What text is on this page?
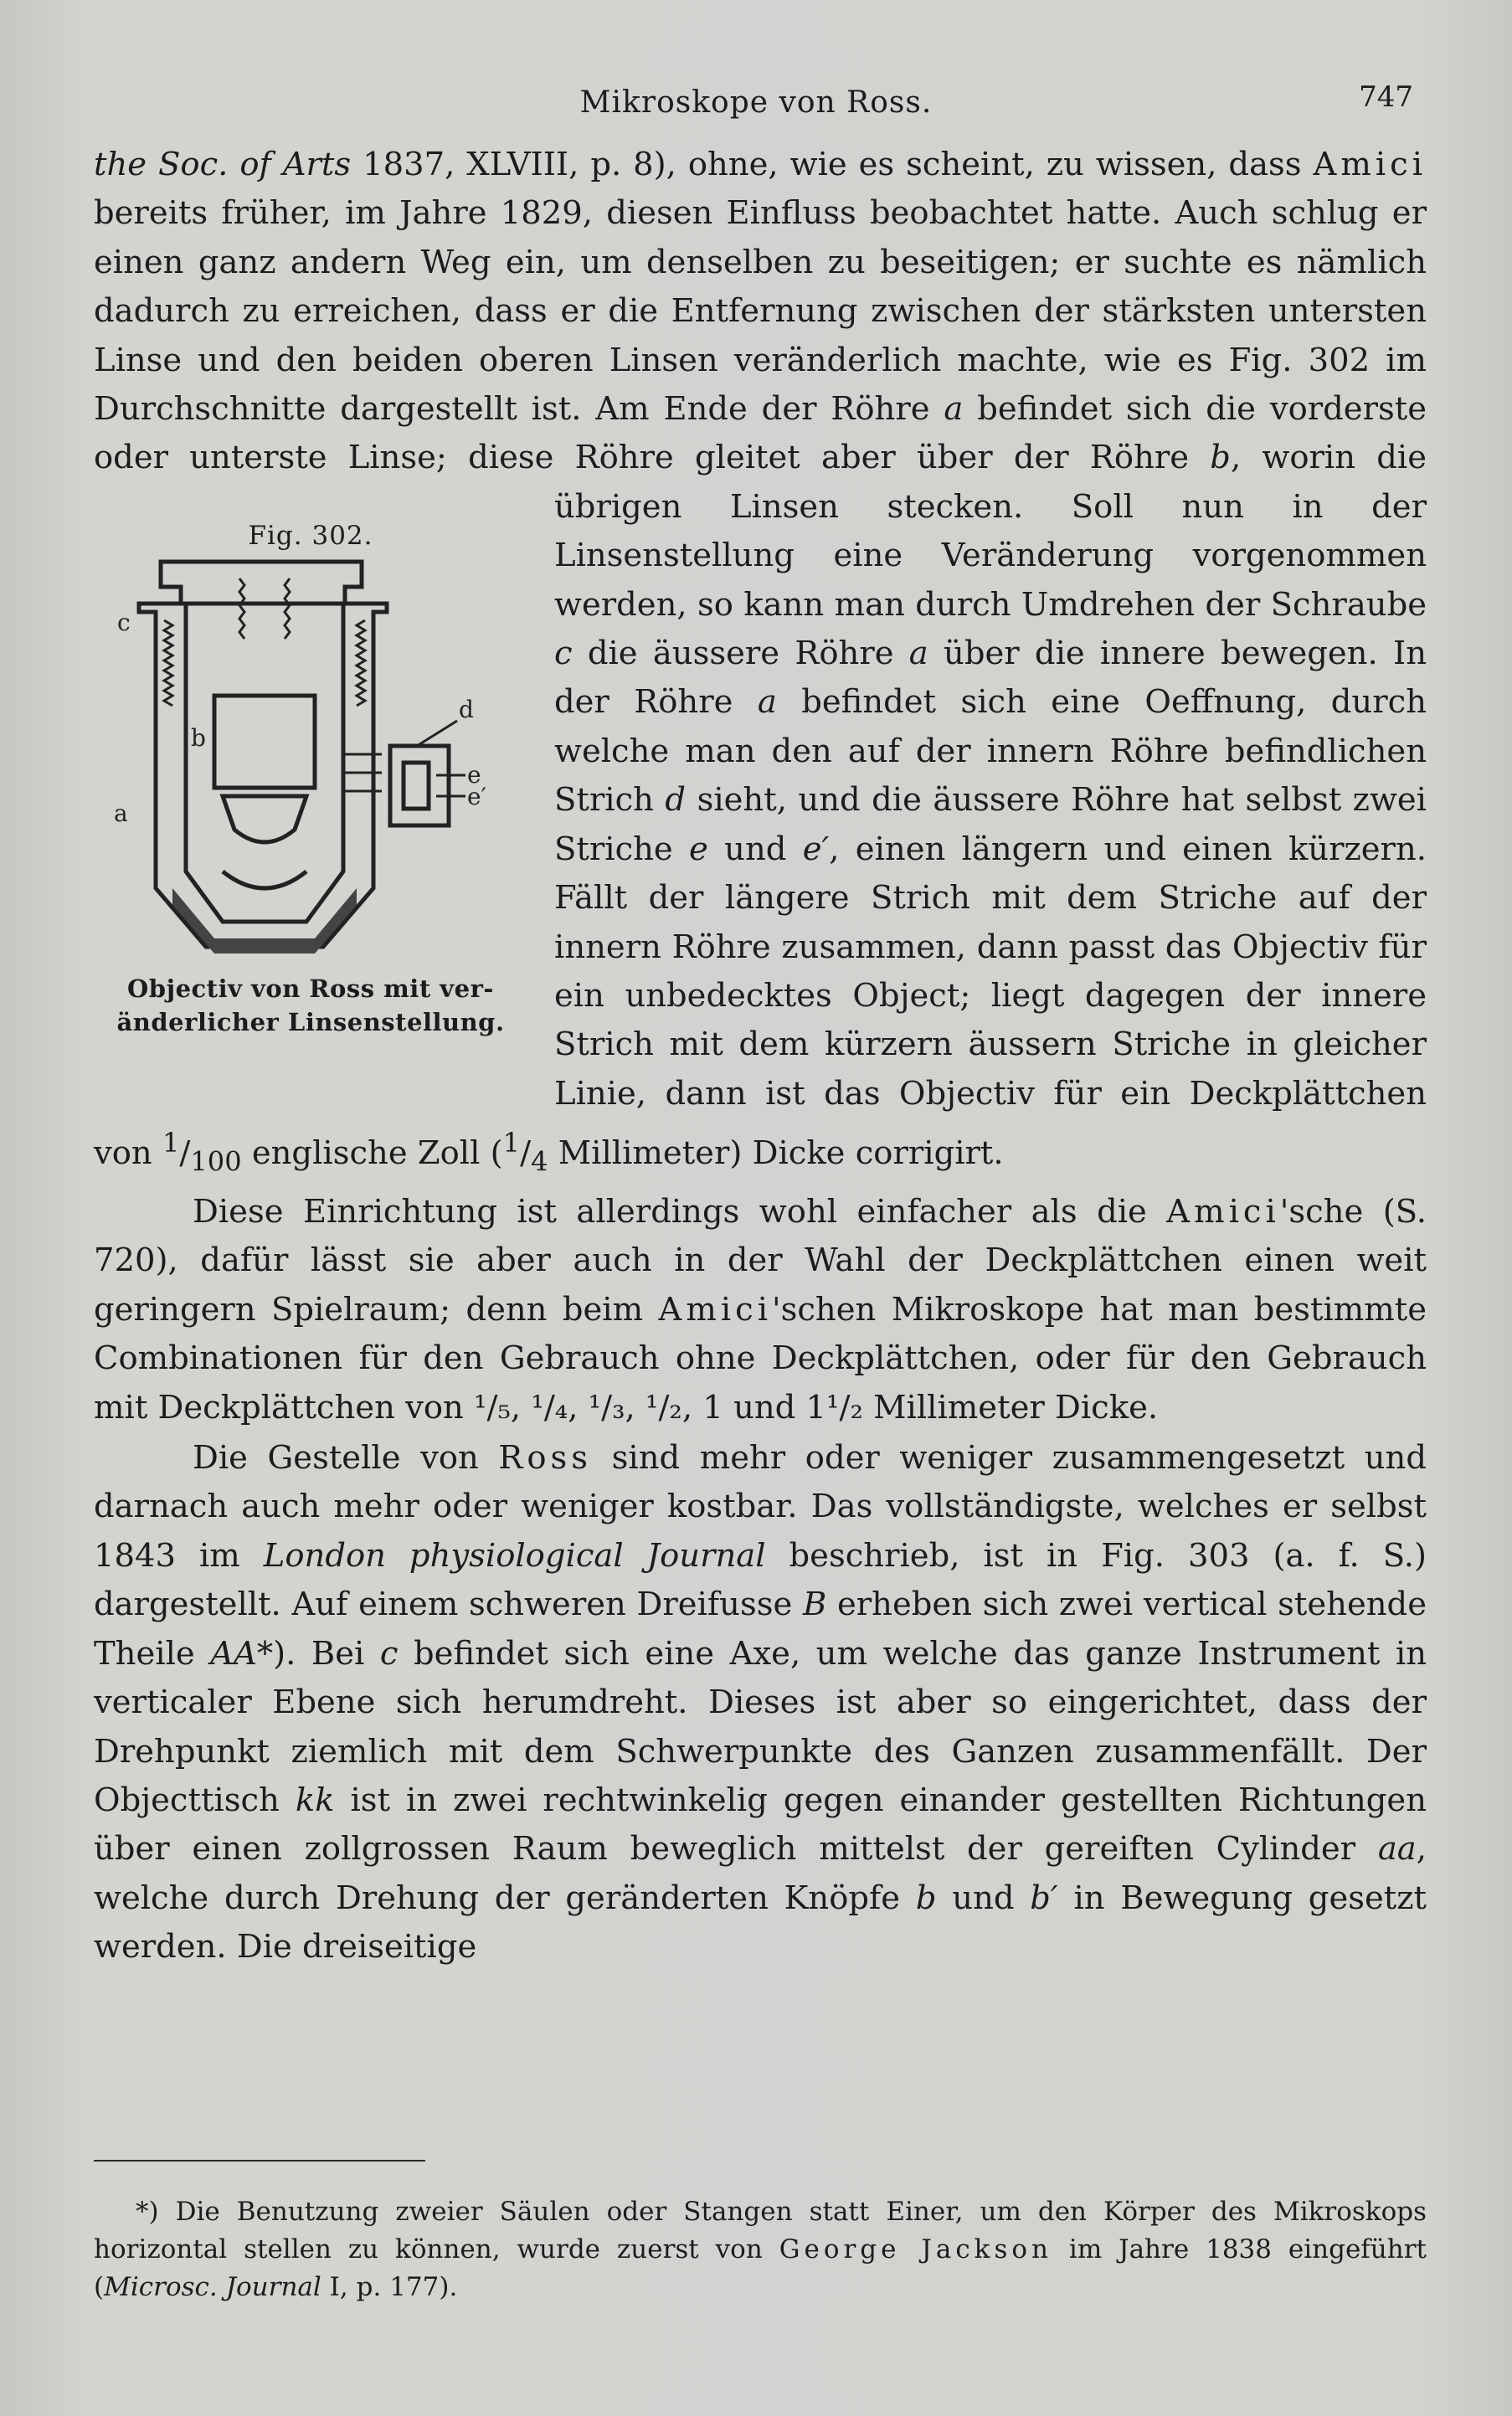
Mikroskope von Ross.	747

the Soc. of Arts 1837, XLVIII, p. 8), ohne, wie es scheint, zu wissen, dass Amici bereits früher, im Jahre 1829, diesen Einfluss beobachtet hatte. Auch schlug er einen ganz andern Weg ein, um denselben zu beseitigen; er suchte es nämlich dadurch zu erreichen, dass er die Entfernung zwischen der stärksten untersten Linse und den beiden oberen Linsen veränderlich machte, wie es Fig. 302 im Durchschnitte dargestellt ist. Am Ende der Röhre a befindet sich die vorderste oder unterste Linse; diese Röhre gleitet aber über der Röhre
Fig. 302.
c
b
a
d
e
e′
Objectiv von Ross mit ver-
änderlicher Linsenstellung.
b, worin die übrigen Linsen stecken. Soll nun in der Linsenstellung eine Veränderung vorgenommen werden, so kann man durch Umdrehen der Schraube c die äussere Röhre a über die innere bewegen. In der Röhre a befindet sich eine Oeffnung, durch welche man den auf der innern Röhre befindlichen Strich d sieht, und die äussere Röhre hat selbst zwei Striche e und e′, einen längern und einen kürzern. Fällt der längere Strich mit dem Striche auf der innern Röhre zusammen, dann passt das Objectiv für ein unbedecktes Object; liegt dagegen der innere Strich mit dem kürzern äussern Striche in gleicher Linie, dann ist das Objectiv für ein Deckplättchen von $^1/_{100}$ englische Zoll ($^1/_4$ Millimeter) Dicke corrigirt.

Diese Einrichtung ist allerdings wohl einfacher als die Amici'sche (S. 720), dafür lässt sie aber auch in der Wahl der Deckplättchen einen weit geringern Spielraum; denn beim Amici'schen Mikroskope hat man bestimmte Combinationen für den Gebrauch ohne Deckplättchen, oder für den Gebrauch mit Deckplättchen von ¹/₅, ¹/₄, ¹/₃, ¹/₂, 1 und 1¹/₂ Millimeter Dicke.

Die Gestelle von Ross sind mehr oder weniger zusammengesetzt und darnach auch mehr oder weniger kostbar. Das vollständigste, welches er selbst 1843 im London physiological Journal beschrieb, ist in Fig. 303 (a. f. S.) dargestellt. Auf einem schweren Dreifusse B erheben sich zwei vertical stehende Theile AA*). Bei c befindet sich eine Axe, um welche das ganze Instrument in verticaler Ebene sich herumdreht. Dieses ist aber so eingerichtet, dass der Drehpunkt ziemlich mit dem Schwerpunkte des Ganzen zusammenfällt. Der Objecttisch kk ist in zwei rechtwinkelig gegen einander gestellten Richtungen über einen zollgrossen Raum beweglich mittelst der gereiften Cylinder aa, welche durch Drehung der geränderten Knöpfe b und b′ in Bewegung gesetzt werden. Die dreiseitige

*) Die Benutzung zweier Säulen oder Stangen statt Einer, um den Körper des Mikroskops horizontal stellen zu können, wurde zuerst von George Jackson im Jahre 1838 eingeführt (Microsc. Journal I, p. 177).
